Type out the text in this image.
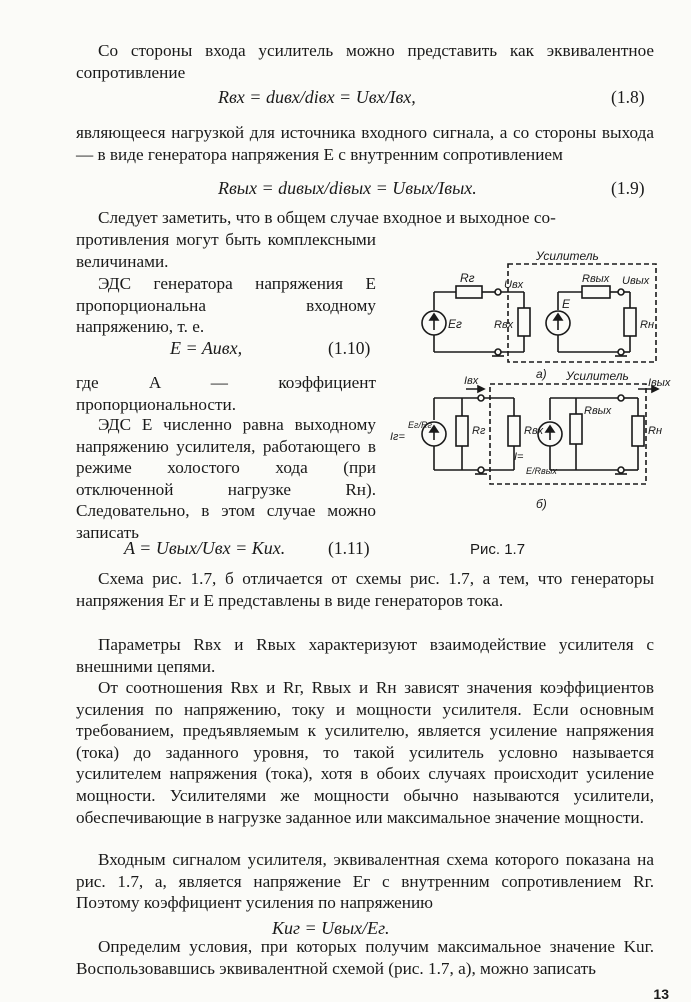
Со стороны входа усилитель можно представить как эквивалентное сопротивление

Rвх = duвх/diвх = Uвх/Iвх,	(1.8)

являющееся нагрузкой для источника входного сигнала, а со стороны выхода — в виде генератора напряжения E с внутренним сопротивлением

Rвых = duвых/diвых = Uвых/Iвых.	(1.9)

Следует заметить, что в общем случае входное и выходное со-

противления могут быть комплексными величинами.

ЭДС генератора напряжения E пропорциональна входному напряжению, т. е.

E = Auвх,	(1.10)

где A — коэффициент пропорциональности.

ЭДС E численно равна выходному напряжению усилителя, работающего в режиме холостого хода (при отключенной нагрузке Rн). Следовательно, в этом случае можно записать

A = Uвых/Uвх = Kuх. (1.11)	Рис. 1.7

Схема рис. 1.7, б отличается от схемы рис. 1.7, а тем, что генераторы напряжения Eг и E представлены в виде генераторов тока.

Параметры Rвх и Rвых характеризуют взаимодействие усилителя с внешними цепями.

От соотношения Rвх и Rг, Rвых и Rн зависят значения коэффициентов усиления по напряжению, току и мощности усилителя. Если основным требованием, предъявляемым к усилителю, является усиление напряжения (тока) до заданного уровня, то такой усилитель условно называется усилителем напряжения (тока), хотя в обоих случаях происходит усиление мощности. Усилителями же мощности обычно называются усилители, обеспечивающие в нагрузке заданное или максимальное значение мощности.

Входным сигналом усилителя, эквивалентная схема которого показана на рис. 1.7, а, является напряжение Eг с внутренним сопротивлением Rг. Поэтому коэффициент усиления по напряжению

Kuг = Uвых/Eг.

Определим условия, при которых получим максимальное значение Kuг. Воспользовавшись эквивалентной схемой (рис. 1.7, а), можно записать

Усилитель
Rг
Eг
Uвх
Rвх
E
Rвых Uвых
Rн
а) Усилитель
Iвх
Iг=
Eг/Rг	Rг	Rвх
I=
E/Rвых
Rвых
Iвых
Rн
б)
13
